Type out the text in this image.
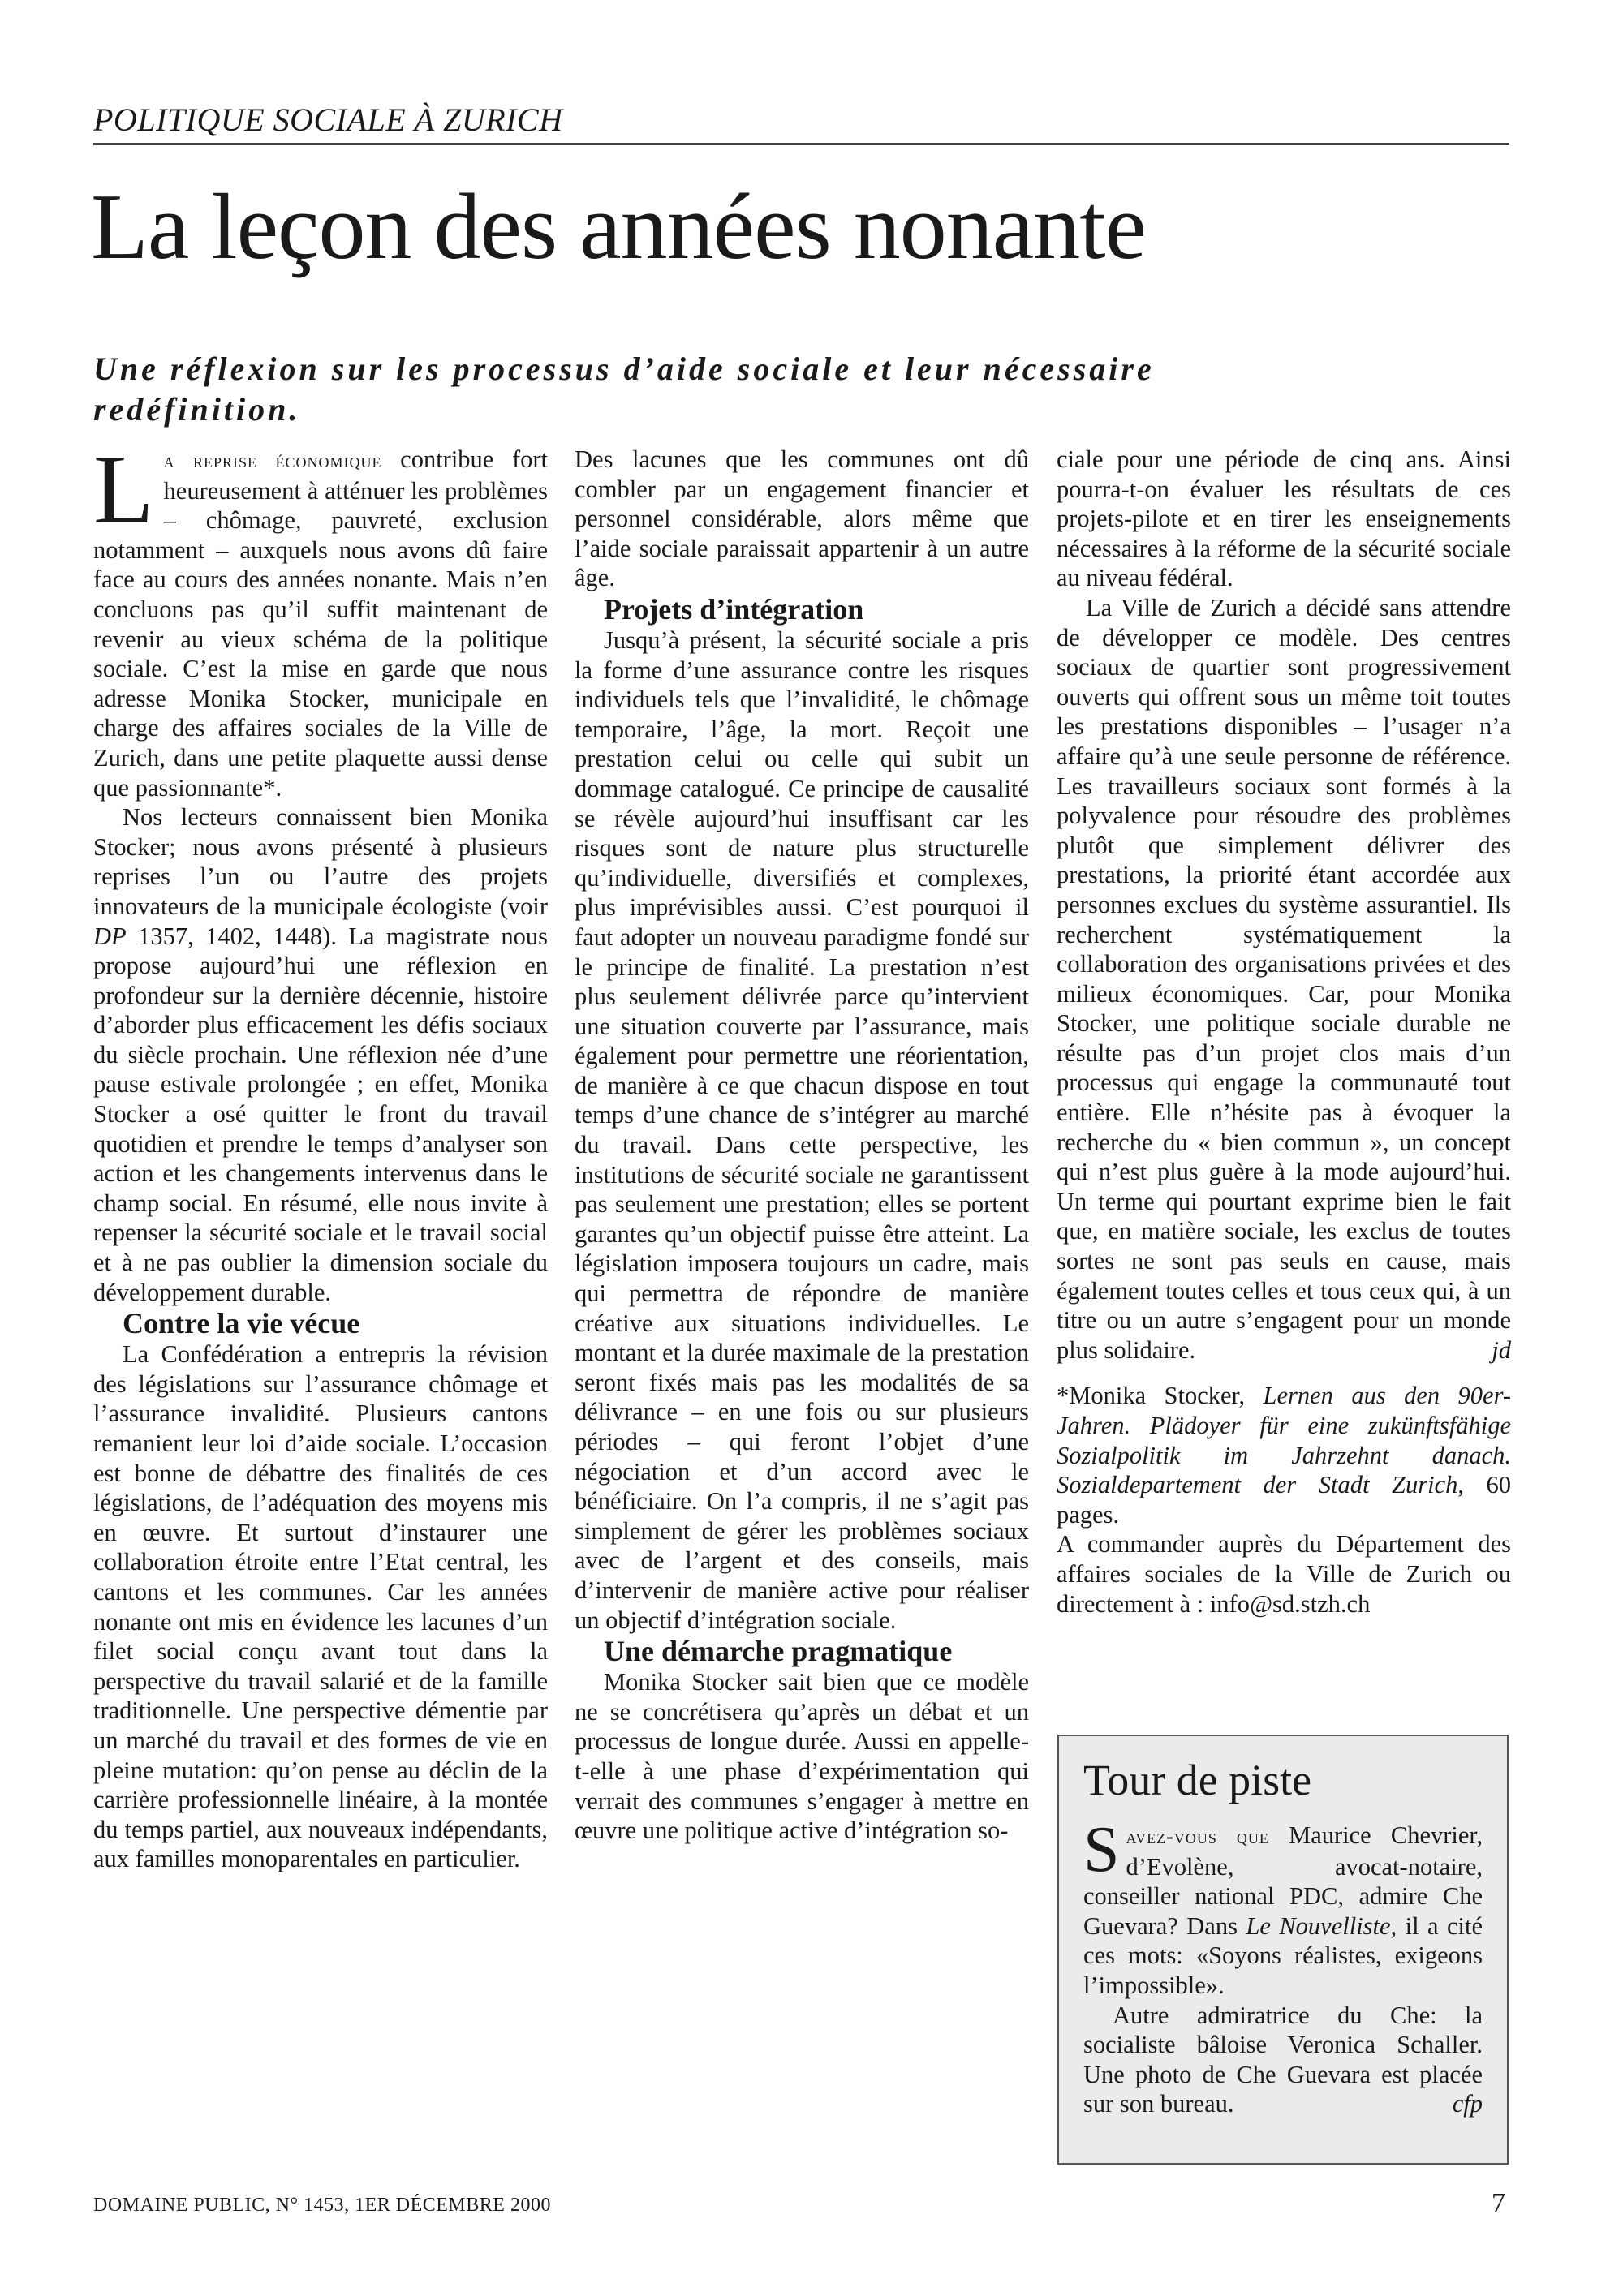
POLITIQUE SOCIALE À ZURICH
La leçon des années nonante

Une réflexion sur les processus d’aide sociale et leur nécessaire redéfinition.

La reprise économique contribue fort heureusement à atténuer les problèmes – chômage, pauvreté, exclusion notamment – auxquels nous avons dû faire face au cours des années nonante. Mais n’en concluons pas qu’il suffit maintenant de revenir au vieux schéma de la politique sociale. C’est la mise en garde que nous adresse Monika Stocker, municipale en charge des affaires sociales de la Ville de Zurich, dans une petite plaquette aussi dense que passionnante*.

Nos lecteurs connaissent bien Monika Stocker; nous avons présenté à plusieurs reprises l’un ou l’autre des projets innovateurs de la municipale écologiste (voir DP 1357, 1402, 1448). La magistrate nous propose aujourd’hui une réflexion en profondeur sur la dernière décennie, histoire d’aborder plus efficacement les défis sociaux du siècle prochain. Une réflexion née d’une pause estivale prolongée ; en effet, Monika Stocker a osé quitter le front du travail quotidien et prendre le temps d’analyser son action et les changements intervenus dans le champ social. En résumé, elle nous invite à repenser la sécurité sociale et le travail social et à ne pas oublier la dimension sociale du développement durable.

Contre la vie vécue

La Confédération a entrepris la révision des législations sur l’assurance chômage et l’assurance invalidité. Plusieurs cantons remanient leur loi d’aide sociale. L’occasion est bonne de débattre des finalités de ces législations, de l’adéquation des moyens mis en œuvre. Et surtout d’instaurer une collaboration étroite entre l’Etat central, les cantons et les communes. Car les années nonante ont mis en évidence les lacunes d’un filet social conçu avant tout dans la perspective du travail salarié et de la famille traditionnelle. Une perspective démentie par un marché du travail et des formes de vie en pleine mutation: qu’on pense au déclin de la carrière professionnelle linéaire, à la montée du temps partiel, aux nouveaux indépendants, aux familles monoparentales en particulier.

Des lacunes que les communes ont dû combler par un engagement financier et personnel considérable, alors même que l’aide sociale paraissait appartenir à un autre âge.

Projets d’intégration

Jusqu’à présent, la sécurité sociale a pris la forme d’une assurance contre les risques individuels tels que l’invalidité, le chômage temporaire, l’âge, la mort. Reçoit une prestation celui ou celle qui subit un dommage catalogué. Ce principe de causalité se révèle aujourd’hui insuffisant car les risques sont de nature plus structurelle qu’individuelle, diversifiés et complexes, plus imprévisibles aussi. C’est pourquoi il faut adopter un nouveau paradigme fondé sur le principe de finalité. La prestation n’est plus seulement délivrée parce qu’intervient une situation couverte par l’assurance, mais également pour permettre une réorientation, de manière à ce que chacun dispose en tout temps d’une chance de s’intégrer au marché du travail. Dans cette perspective, les institutions de sécurité sociale ne garantissent pas seulement une prestation; elles se portent garantes qu’un objectif puisse être atteint. La législation imposera toujours un cadre, mais qui permettra de répondre de manière créative aux situations individuelles. Le montant et la durée maximale de la prestation seront fixés mais pas les modalités de sa délivrance – en une fois ou sur plusieurs périodes – qui feront l’objet d’une négociation et d’un accord avec le bénéficiaire. On l’a compris, il ne s’agit pas simplement de gérer les problèmes sociaux avec de l’argent et des conseils, mais d’intervenir de manière active pour réaliser un objectif d’intégration sociale.

Une démarche pragmatique

Monika Stocker sait bien que ce modèle ne se concrétisera qu’après un débat et un processus de longue durée. Aussi en appelle-t-elle à une phase d’expérimentation qui verrait des communes s’engager à mettre en œuvre une politique active d’intégration so-

ciale pour une période de cinq ans. Ainsi pourra-t-on évaluer les résultats de ces projets-pilote et en tirer les enseignements nécessaires à la réforme de la sécurité sociale au niveau fédéral.

La Ville de Zurich a décidé sans attendre de développer ce modèle. Des centres sociaux de quartier sont progressivement ouverts qui offrent sous un même toit toutes les prestations disponibles – l’usager n’a affaire qu’à une seule personne de référence. Les travailleurs sociaux sont formés à la polyvalence pour résoudre des problèmes plutôt que simplement délivrer des prestations, la priorité étant accordée aux personnes exclues du système assurantiel. Ils recherchent systématiquement la collaboration des organisations privées et des milieux économiques. Car, pour Monika Stocker, une politique sociale durable ne résulte pas d’un projet clos mais d’un processus qui engage la communauté tout entière. Elle n’hésite pas à évoquer la recherche du « bien commun », un concept qui n’est plus guère à la mode aujourd’hui. Un terme qui pourtant exprime bien le fait que, en matière sociale, les exclus de toutes sortes ne sont pas seuls en cause, mais également toutes celles et tous ceux qui, à un titre ou un autre s’engagent pour un monde plus solidaire.	jd

*Monika Stocker, Lernen aus den 90er-Jahren. Plädoyer für eine zukünftsfähige Sozialpolitik im Jahrzehnt danach. Sozialdepartement der Stadt Zurich, 60 pages.

A commander auprès du Département des affaires sociales de la Ville de Zurich ou directement à : info@sd.stzh.ch

Tour de piste

Savez-vous que Maurice Chevrier, d’Evolène, avocat-notaire, conseiller national PDC, admire Che Guevara? Dans Le Nouvelliste, il a cité ces mots: «Soyons réalistes, exigeons l’impossible».

Autre admiratrice du Che: la socialiste bâloise Veronica Schaller. Une photo de Che Guevara est placée sur son bureau.	cfp

DOMAINE PUBLIC, N° 1453, 1ER DÉCEMBRE 2000	7
